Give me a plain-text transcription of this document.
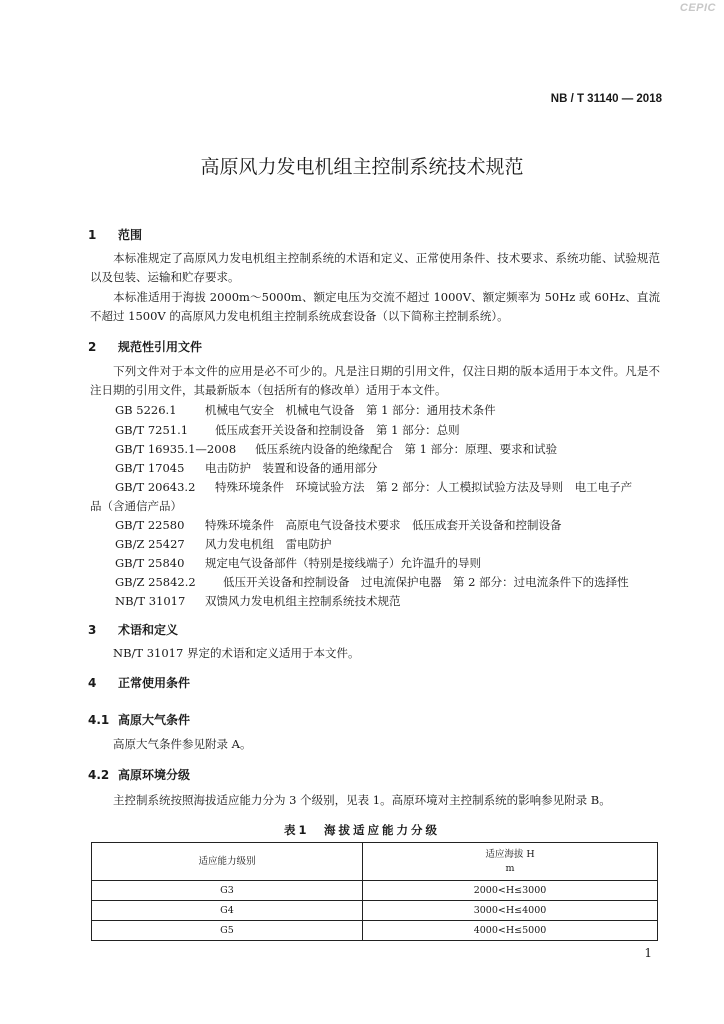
CEPIC
NB / T 31140 — 2018
高原风力发电机组主控制系统技术规范
1 范围
本标准规定了高原风力发电机组主控制系统的术语和定义、正常使用条件、技术要求、系统功能、试验规范以及包装、运输和贮存要求。
本标准适用于海拔 2000m～5000m、额定电压为交流不超过 1000V、额定频率为 50Hz 或 60Hz、直流不超过 1500V 的高原风力发电机组主控制系统成套设备（以下简称主控制系统）。
2 规范性引用文件
下列文件对于本文件的应用是必不可少的。凡是注日期的引用文件，仅注日期的版本适用于本文件。凡是不注日期的引用文件，其最新版本（包括所有的修改单）适用于本文件。
GB 5226.1 机械电气安全　机械电气设备　第 1 部分：通用技术条件
GB/T 7251.1 低压成套开关设备和控制设备　第 1 部分：总则
GB/T 16935.1—2008 低压系统内设备的绝缘配合　第 1 部分：原理、要求和试验
GB/T 17045 电击防护　装置和设备的通用部分
GB/T 20643.2 特殊环境条件　环境试验方法　第 2 部分：人工模拟试验方法及导则　电工电子产
品（含通信产品）
GB/T 22580 特殊环境条件　高原电气设备技术要求　低压成套开关设备和控制设备
GB/Z 25427 风力发电机组　雷电防护
GB/T 25840 规定电气设备部件（特别是接线端子）允许温升的导则
GB/Z 25842.2 低压开关设备和控制设备　过电流保护电器　第 2 部分：过电流条件下的选择性
NB/T 31017 双馈风力发电机组主控制系统技术规范
3 术语和定义
NB/T 31017 界定的术语和定义适用于本文件。
4 正常使用条件
4.1 高原大气条件
高原大气条件参见附录 A。
4.2 高原环境分级
主控制系统按照海拔适应能力分为 3 个级别，见表 1。高原环境对主控制系统的影响参见附录 B。
表1　海拔适应能力分级
适应能力级别	适应海拔 H
m

G3	2000<H≤3000
G4	3000<H≤4000
G5	4000<H≤5000
1
